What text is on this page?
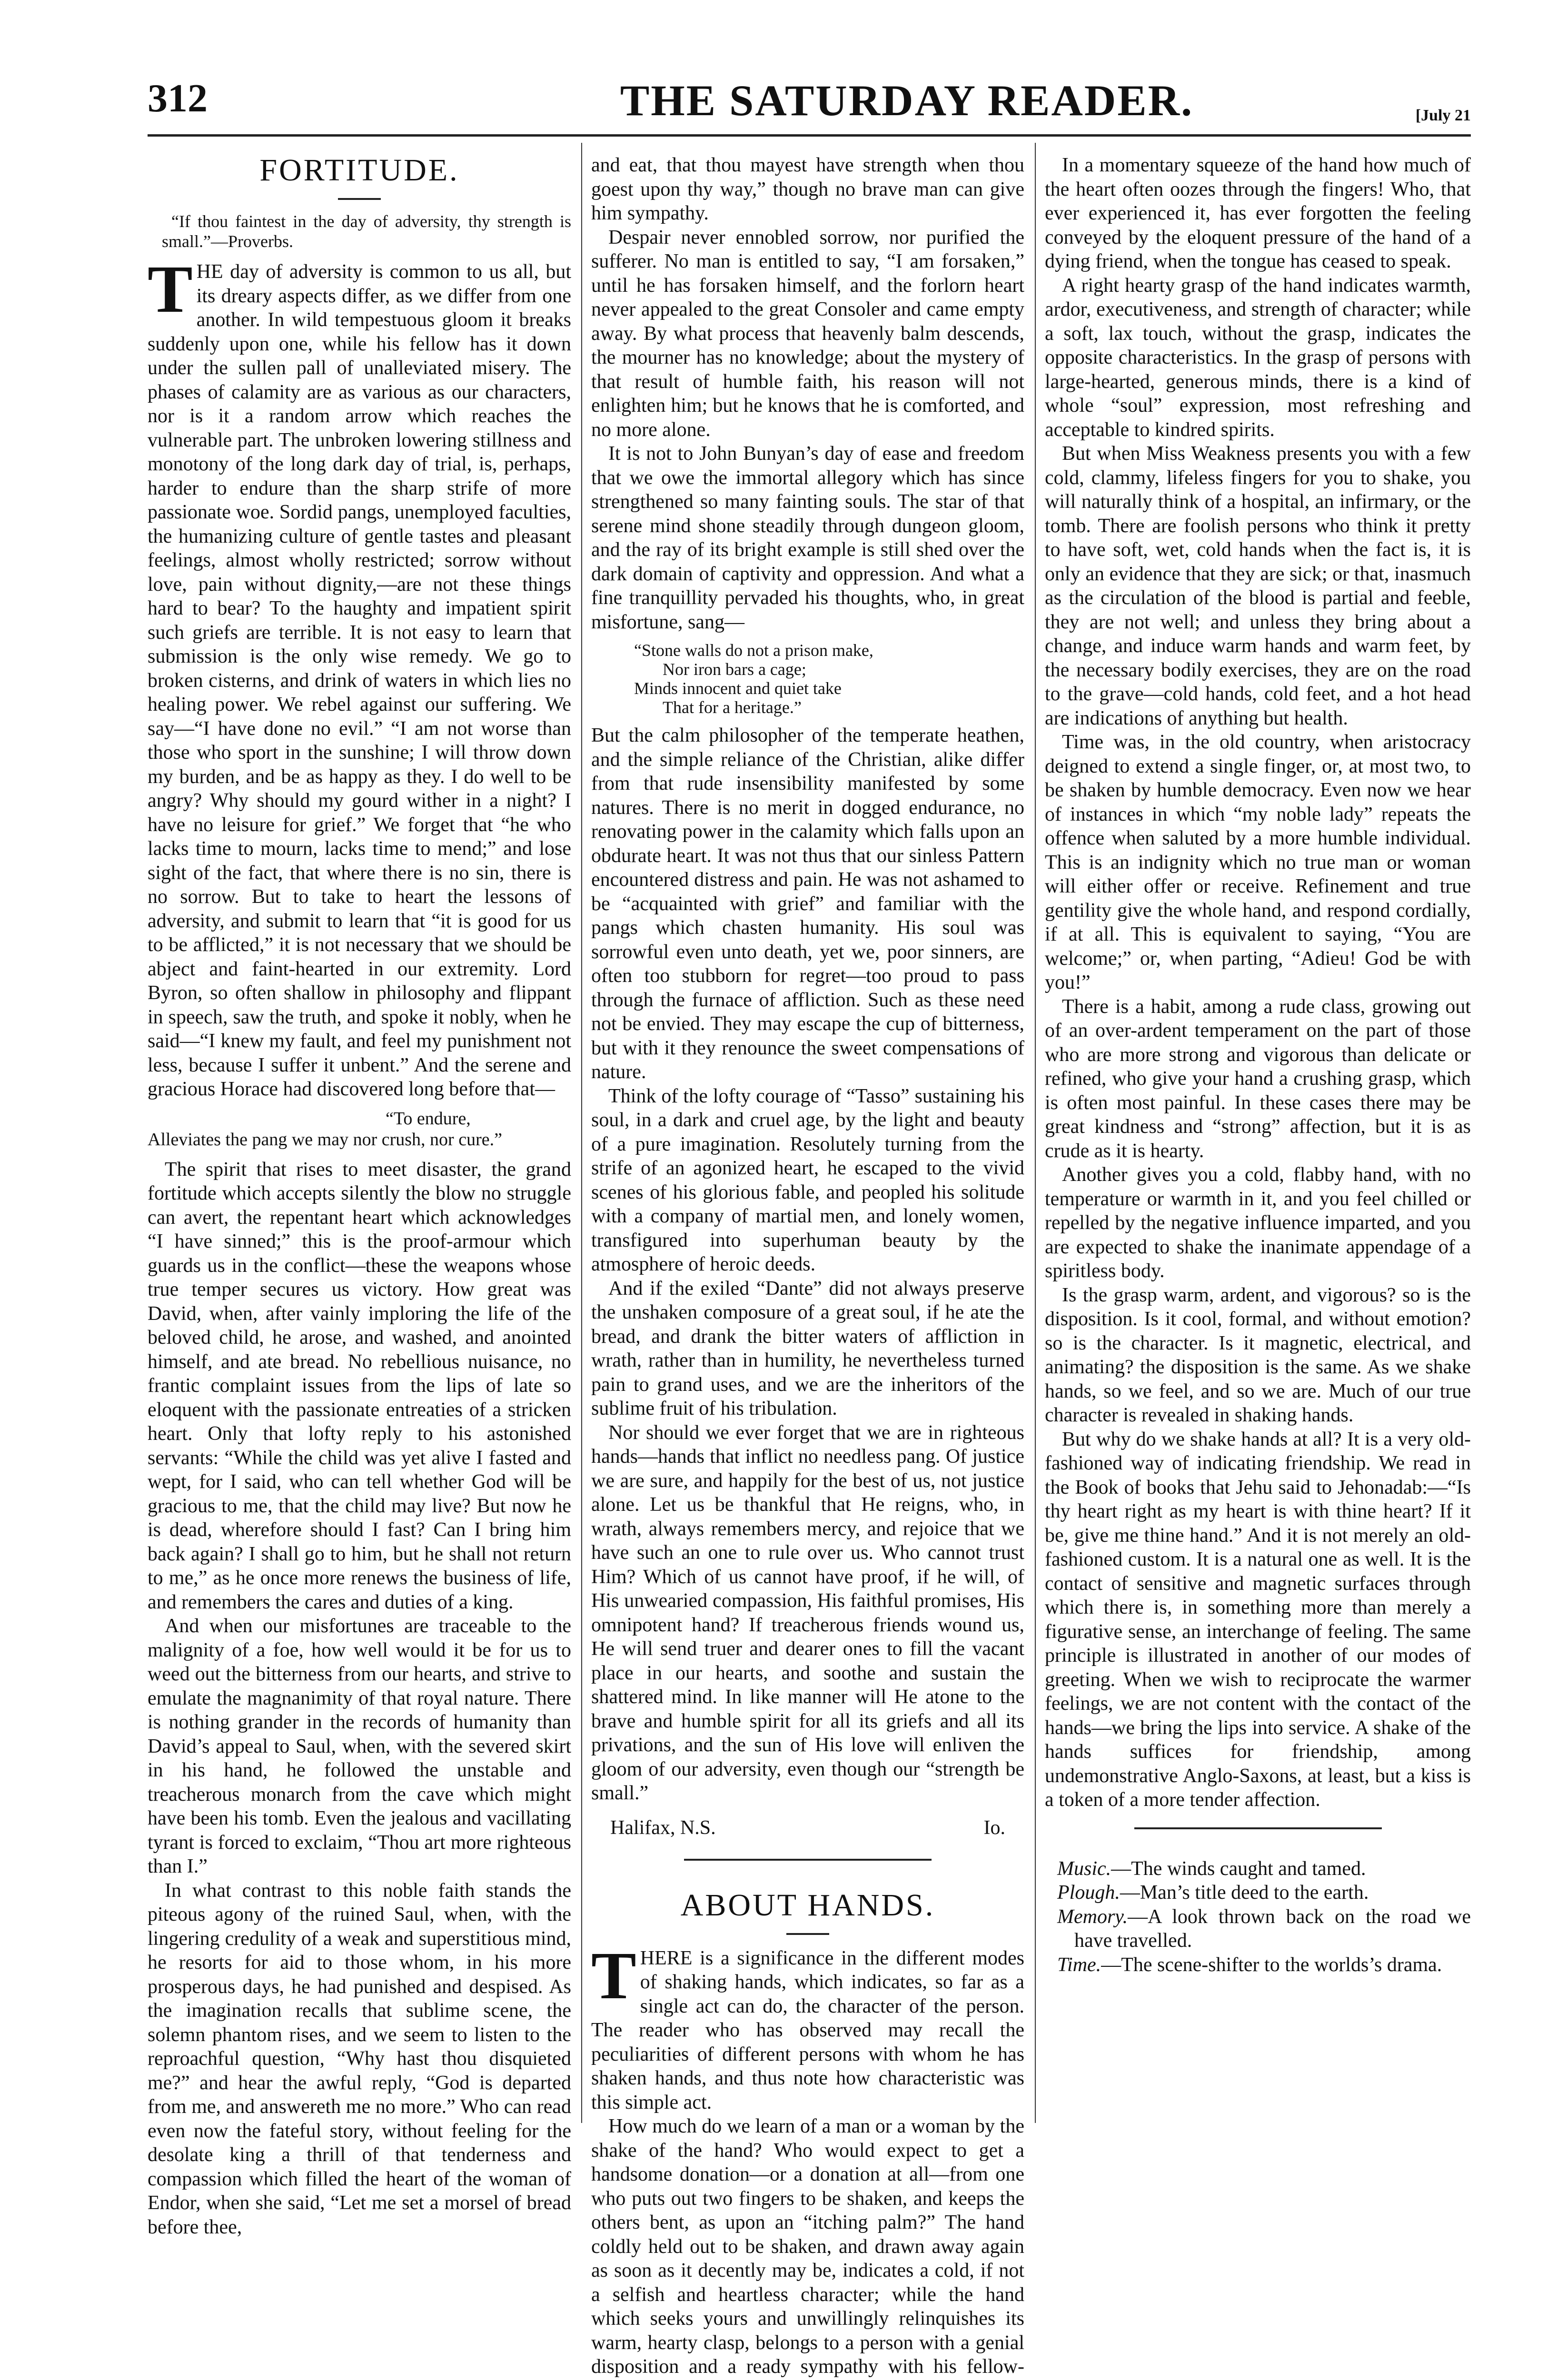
312	THE SATURDAY READER.	[July 21
FORTITUDE.
“If thou faintest in the day of adversity, thy strength is small.”—Proverbs.

THE day of adversity is common to us all, but its dreary aspects differ, as we differ from one another. In wild tempestuous gloom it breaks suddenly upon one, while his fellow has it down under the sullen pall of unalleviated misery. The phases of calamity are as various as our characters, nor is it a random arrow which reaches the vulnerable part. The unbroken lowering stillness and monotony of the long dark day of trial, is, perhaps, harder to endure than the sharp strife of more passionate woe. Sordid pangs, unemployed faculties, the humanizing culture of gentle tastes and pleasant feelings, almost wholly restricted; sorrow without love, pain without dignity,—are not these things hard to bear? To the haughty and impatient spirit such griefs are terrible. It is not easy to learn that submission is the only wise remedy. We go to broken cisterns, and drink of waters in which lies no healing power. We rebel against our suffering. We say—“I have done no evil.” “I am not worse than those who sport in the sunshine; I will throw down my burden, and be as happy as they. I do well to be angry? Why should my gourd wither in a night? I have no leisure for grief.” We forget that “he who lacks time to mourn, lacks time to mend;” and lose sight of the fact, that where there is no sin, there is no sorrow. But to take to heart the lessons of adversity, and submit to learn that “it is good for us to be afflicted,” it is not necessary that we should be abject and faint-hearted in our extremity. Lord Byron, so often shallow in philosophy and flippant in speech, saw the truth, and spoke it nobly, when he said—“I knew my fault, and feel my punishment not less, because I suffer it unbent.” And the serene and gracious Horace had discovered long before that—

“To endure,
Alleviates the pang we may nor crush, nor cure.”

The spirit that rises to meet disaster, the grand fortitude which accepts silently the blow no struggle can avert, the repentant heart which acknowledges “I have sinned;” this is the proof-armour which guards us in the conflict—these the weapons whose true temper secures us victory. How great was David, when, after vainly imploring the life of the beloved child, he arose, and washed, and anointed himself, and ate bread. No rebellious nuisance, no frantic complaint issues from the lips of late so eloquent with the passionate entreaties of a stricken heart. Only that lofty reply to his astonished servants: “While the child was yet alive I fasted and wept, for I said, who can tell whether God will be gracious to me, that the child may live? But now he is dead, wherefore should I fast? Can I bring him back again? I shall go to him, but he shall not return to me,” as he once more renews the business of life, and remembers the cares and duties of a king.

And when our misfortunes are traceable to the malignity of a foe, how well would it be for us to weed out the bitterness from our hearts, and strive to emulate the magnanimity of that royal nature. There is nothing grander in the records of humanity than David’s appeal to Saul, when, with the severed skirt in his hand, he followed the unstable and treacherous monarch from the cave which might have been his tomb. Even the jealous and vacillating tyrant is forced to exclaim, “Thou art more righteous than I.”

In what contrast to this noble faith stands the piteous agony of the ruined Saul, when, with the lingering credulity of a weak and superstitious mind, he resorts for aid to those whom, in his more prosperous days, he had punished and despised. As the imagination recalls that sublime scene, the solemn phantom rises, and we seem to listen to the reproachful question, “Why hast thou disquieted me?” and hear the awful reply, “God is departed from me, and answereth me no more.” Who can read even now the fateful story, without feeling for the desolate king a thrill of that tenderness and compassion which filled the heart of the woman of Endor, when she said, “Let me set a morsel of bread before thee,

and eat, that thou mayest have strength when thou goest upon thy way,” though no brave man can give him sympathy.

Despair never ennobled sorrow, nor purified the sufferer. No man is entitled to say, “I am forsaken,” until he has forsaken himself, and the forlorn heart never appealed to the great Consoler and came empty away. By what process that heavenly balm descends, the mourner has no knowledge; about the mystery of that result of humble faith, his reason will not enlighten him; but he knows that he is comforted, and no more alone.

It is not to John Bunyan’s day of ease and freedom that we owe the immortal allegory which has since strengthened so many fainting souls. The star of that serene mind shone steadily through dungeon gloom, and the ray of its bright example is still shed over the dark domain of captivity and oppression. And what a fine tranquillity pervaded his thoughts, who, in great misfortune, sang—

“Stone walls do not a prison make,
Nor iron bars a cage;
Minds innocent and quiet take
That for a heritage.”

But the calm philosopher of the temperate heathen, and the simple reliance of the Christian, alike differ from that rude insensibility manifested by some natures. There is no merit in dogged endurance, no renovating power in the calamity which falls upon an obdurate heart. It was not thus that our sinless Pattern encountered distress and pain. He was not ashamed to be “acquainted with grief” and familiar with the pangs which chasten humanity. His soul was sorrowful even unto death, yet we, poor sinners, are often too stubborn for regret—too proud to pass through the furnace of affliction. Such as these need not be envied. They may escape the cup of bitterness, but with it they renounce the sweet compensations of nature.

Think of the lofty courage of “Tasso” sustaining his soul, in a dark and cruel age, by the light and beauty of a pure imagination. Resolutely turning from the strife of an agonized heart, he escaped to the vivid scenes of his glorious fable, and peopled his solitude with a company of martial men, and lonely women, transfigured into superhuman beauty by the atmosphere of heroic deeds.

And if the exiled “Dante” did not always preserve the unshaken composure of a great soul, if he ate the bread, and drank the bitter waters of affliction in wrath, rather than in humility, he nevertheless turned pain to grand uses, and we are the inheritors of the sublime fruit of his tribulation.

Nor should we ever forget that we are in righteous hands—hands that inflict no needless pang. Of justice we are sure, and happily for the best of us, not justice alone. Let us be thankful that He reigns, who, in wrath, always remembers mercy, and rejoice that we have such an one to rule over us. Who cannot trust Him? Which of us cannot have proof, if he will, of His unwearied compassion, His faithful promises, His omnipotent hand? If treacherous friends wound us, He will send truer and dearer ones to fill the vacant place in our hearts, and soothe and sustain the shattered mind. In like manner will He atone to the brave and humble spirit for all its griefs and all its privations, and the sun of His love will enliven the gloom of our adversity, even though our “strength be small.”

Halifax, N.S.	Io.
ABOUT HANDS.

THERE is a significance in the different modes of shaking hands, which indicates, so far as a single act can do, the character of the person. The reader who has observed may recall the peculiarities of different persons with whom he has shaken hands, and thus note how characteristic was this simple act.

How much do we learn of a man or a woman by the shake of the hand? Who would expect to get a handsome donation—or a donation at all—from one who puts out two fingers to be shaken, and keeps the others bent, as upon an “itching palm?” The hand coldly held out to be shaken, and drawn away again as soon as it decently may be, indicates a cold, if not a selfish and heartless character; while the hand which seeks yours and unwillingly relinquishes its warm, hearty clasp, belongs to a person with a genial disposition and a ready sympathy with his fellow-

In a momentary squeeze of the hand how much of the heart often oozes through the fingers! Who, that ever experienced it, has ever forgotten the feeling conveyed by the eloquent pressure of the hand of a dying friend, when the tongue has ceased to speak.

A right hearty grasp of the hand indicates warmth, ardor, executiveness, and strength of character; while a soft, lax touch, without the grasp, indicates the opposite characteristics. In the grasp of persons with large-hearted, generous minds, there is a kind of whole “soul” expression, most refreshing and acceptable to kindred spirits.

But when Miss Weakness presents you with a few cold, clammy, lifeless fingers for you to shake, you will naturally think of a hospital, an infirmary, or the tomb. There are foolish persons who think it pretty to have soft, wet, cold hands when the fact is, it is only an evidence that they are sick; or that, inasmuch as the circulation of the blood is partial and feeble, they are not well; and unless they bring about a change, and induce warm hands and warm feet, by the necessary bodily exercises, they are on the road to the grave—cold hands, cold feet, and a hot head are indications of anything but health.

Time was, in the old country, when aristocracy deigned to extend a single finger, or, at most two, to be shaken by humble democracy. Even now we hear of instances in which “my noble lady” repeats the offence when saluted by a more humble individual. This is an indignity which no true man or woman will either offer or receive. Refinement and true gentility give the whole hand, and respond cordially, if at all. This is equivalent to saying, “You are welcome;” or, when parting, “Adieu! God be with you!”

There is a habit, among a rude class, growing out of an over-ardent temperament on the part of those who are more strong and vigorous than delicate or refined, who give your hand a crushing grasp, which is often most painful. In these cases there may be great kindness and “strong” affection, but it is as crude as it is hearty.

Another gives you a cold, flabby hand, with no temperature or warmth in it, and you feel chilled or repelled by the negative influence imparted, and you are expected to shake the inanimate appendage of a spiritless body.

Is the grasp warm, ardent, and vigorous? so is the disposition. Is it cool, formal, and without emotion? so is the character. Is it magnetic, electrical, and animating? the disposition is the same. As we shake hands, so we feel, and so we are. Much of our true character is revealed in shaking hands.

But why do we shake hands at all? It is a very old-fashioned way of indicating friendship. We read in the Book of books that Jehu said to Jehonadab:—“Is thy heart right as my heart is with thine heart? If it be, give me thine hand.” And it is not merely an old-fashioned custom. It is a natural one as well. It is the contact of sensitive and magnetic surfaces through which there is, in something more than merely a figurative sense, an interchange of feeling. The same principle is illustrated in another of our modes of greeting. When we wish to reciprocate the warmer feelings, we are not content with the contact of the hands—we bring the lips into service. A shake of the hands suffices for friendship, among undemonstrative Anglo-Saxons, at least, but a kiss is a token of a more tender affection.

Music.—The winds caught and tamed.

Plough.—Man’s title deed to the earth.

Memory.—A look thrown back on the road we have travelled.

Time.—The scene-shifter to the worlds’s drama.
